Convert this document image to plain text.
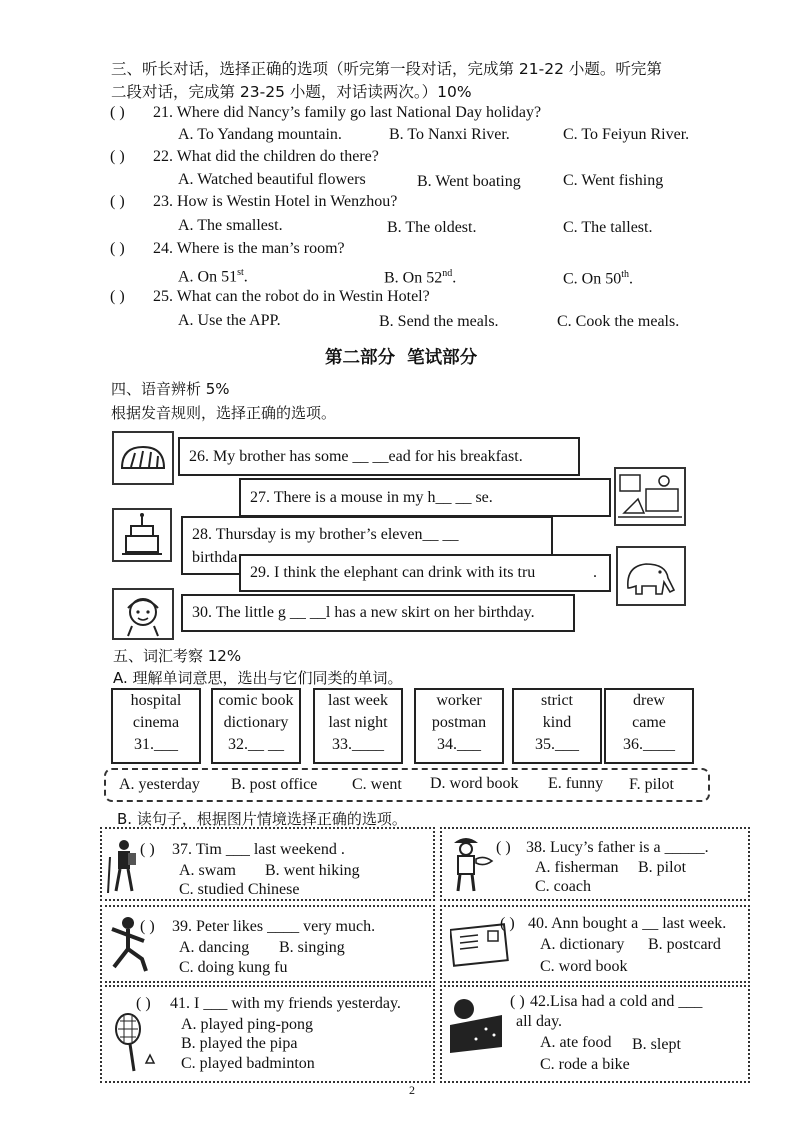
三、听长对话，选择正确的选项（听完第一段对话，完成第 21-22 小题。听完第
二段对话，完成第 23-25 小题，对话读两次。）10%
( ) 21. Where did Nancy’s family go last National Day holiday?
A. To Yandang mountain.	B. To Nanxi River.	C. To Feiyun River.
( ) 22. What did the children do there?
A. Watched beautiful flowers	B. Went boating	C. Went fishing
( ) 23. How is Westin Hotel in Wenzhou?
A. The smallest.	B. The oldest.	C. The tallest.
( ) 24. Where is the man’s room?
A. On 51st.	B. On 52nd.	C. On 50th.
( ) 25. What can the robot do in Westin Hotel?
A. Use the APP.	B. Send the meals.	C. Cook the meals.
第二部分  笔试部分
四、语音辨析 5%
根据发音规则，选择正确的选项。
26. My brother has some __ __ead for his breakfast.
27. There is a mouse in my h__ __ se.
28. Thursday is my brother’s eleven__ __
birthda
29. I think the elephant can drink with its tru	.
30. The little g __ __l has a new skirt on her birthday.
五、词汇考察 12%
A. 理解单词意思，选出与它们同类的单词。
hospital
cinema
31.___
comic book
dictionary
32.__ __
last week
last night
33.____
worker
postman
34.___
strict
kind
35.___
drew
came
36.____
A. yesterday B. post office C. went D. word book E. funny F. pilot
B. 读句子，根据图片情境选择正确的选项。
( ) 37. Tim ___ last weekend .
A. swam B. went hiking
C. studied Chinese
( ) 38. Lucy’s father is a _____.
A. fisherman B. pilot
C. coach
( ) 39. Peter likes ____ very much.
A. dancing B. singing
C. doing kung fu
( ) 40. Ann bought a __ last week.
A. dictionary B. postcard
C. word book
( ) 41. I ___ with my friends yesterday.
A. played ping-pong
B. played the pipa
C. played badminton
( ) 42.Lisa had a cold and ___
all day.
A. ate food B. slept
C. rode a bike
2
